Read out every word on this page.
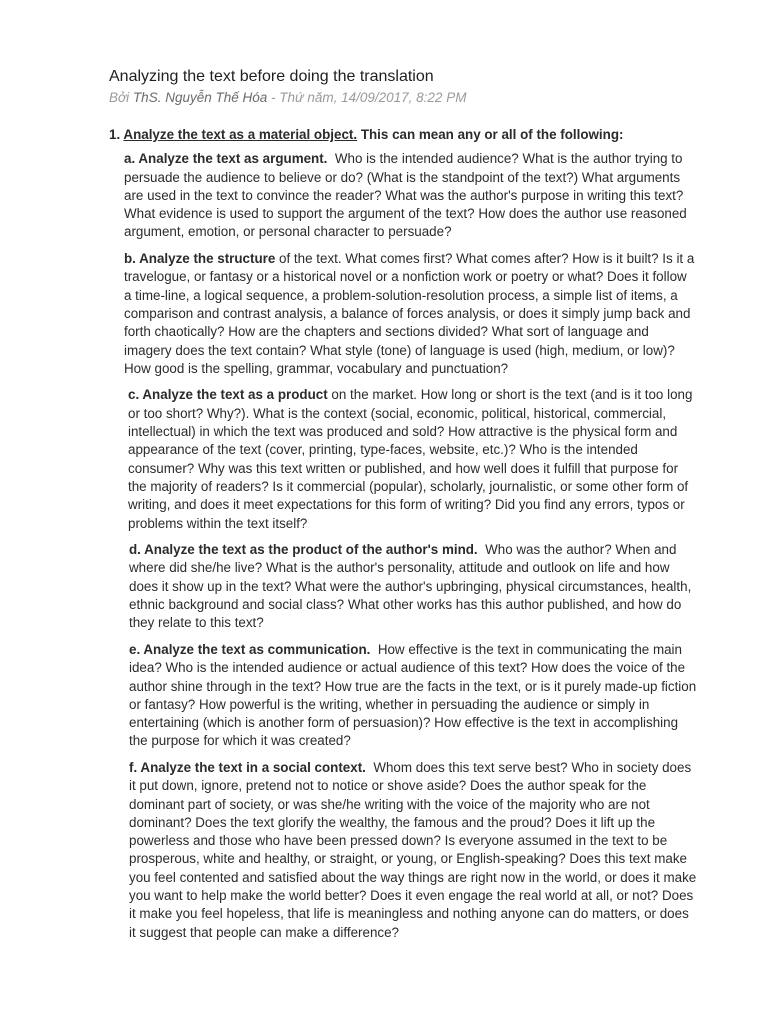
Analyzing the text before doing the translation
Bởi ThS. Nguyễn Thế Hóa - Thứ năm, 14/09/2017, 8:22 PM

1. Analyze the text as a material object. This can mean any or all of the following:

a. Analyze the text as argument. Who is the intended audience? What is the author trying to persuade the audience to believe or do? (What is the standpoint of the text?) What arguments are used in the text to convince the reader? What was the author's purpose in writing this text? What evidence is used to support the argument of the text? How does the author use reasoned argument, emotion, or personal character to persuade?

b. Analyze the structure of the text. What comes first? What comes after? How is it built? Is it a travelogue, or fantasy or a historical novel or a nonfiction work or poetry or what? Does it follow a time-line, a logical sequence, a problem-solution-resolution process, a simple list of items, a comparison and contrast analysis, a balance of forces analysis, or does it simply jump back and forth chaotically? How are the chapters and sections divided? What sort of language and imagery does the text contain? What style (tone) of language is used (high, medium, or low)? How good is the spelling, grammar, vocabulary and punctuation?

c. Analyze the text as a product on the market. How long or short is the text (and is it too long or too short? Why?). What is the context (social, economic, political, historical, commercial, intellectual) in which the text was produced and sold? How attractive is the physical form and appearance of the text (cover, printing, type-faces, website, etc.)? Who is the intended consumer? Why was this text written or published, and how well does it fulfill that purpose for the majority of readers? Is it commercial (popular), scholarly, journalistic, or some other form of writing, and does it meet expectations for this form of writing? Did you find any errors, typos or problems within the text itself?

d. Analyze the text as the product of the author's mind. Who was the author? When and where did she/he live? What is the author's personality, attitude and outlook on life and how does it show up in the text? What were the author's upbringing, physical circumstances, health, ethnic background and social class? What other works has this author published, and how do they relate to this text?

e. Analyze the text as communication. How effective is the text in communicating the main idea? Who is the intended audience or actual audience of this text? How does the voice of the author shine through in the text? How true are the facts in the text, or is it purely made-up fiction or fantasy? How powerful is the writing, whether in persuading the audience or simply in entertaining (which is another form of persuasion)? How effective is the text in accomplishing the purpose for which it was created?

f. Analyze the text in a social context. Whom does this text serve best? Who in society does it put down, ignore, pretend not to notice or shove aside? Does the author speak for the dominant part of society, or was she/he writing with the voice of the majority who are not dominant? Does the text glorify the wealthy, the famous and the proud? Does it lift up the powerless and those who have been pressed down? Is everyone assumed in the text to be prosperous, white and healthy, or straight, or young, or English-speaking? Does this text make you feel contented and satisfied about the way things are right now in the world, or does it make you want to help make the world better? Does it even engage the real world at all, or not? Does it make you feel hopeless, that life is meaningless and nothing anyone can do matters, or does it suggest that people can make a difference?
